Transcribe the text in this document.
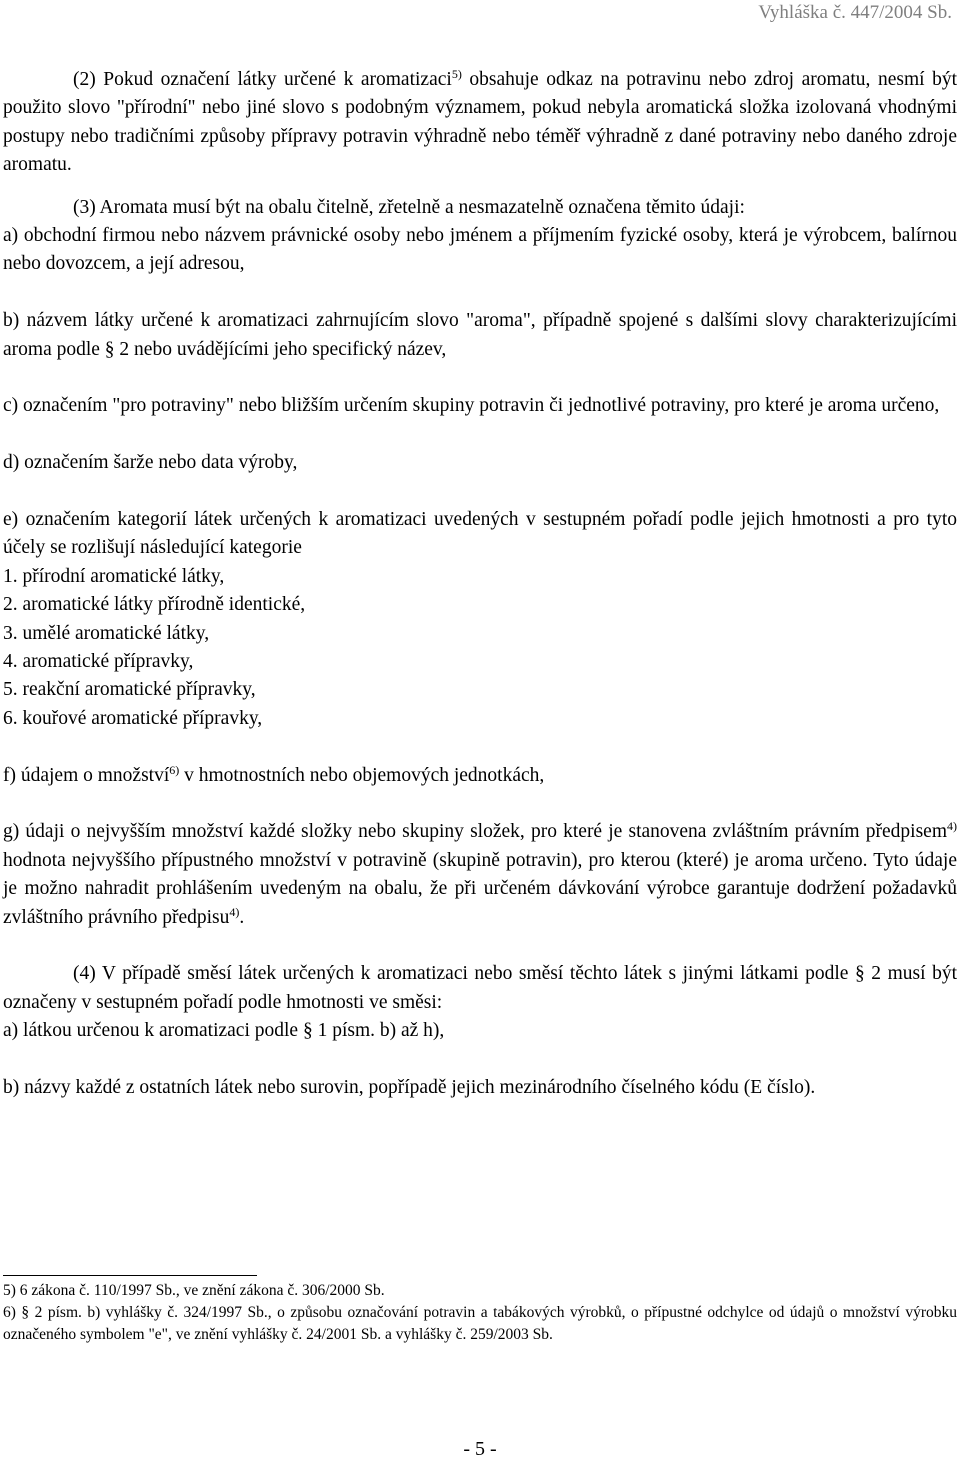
Vyhláška č. 447/2004 Sb.

(2) Pokud označení látky určené k aromatizaci$^{5)}$ obsahuje odkaz na potravinu nebo zdroj aromatu, nesmí být použito slovo "přírodní" nebo jiné slovo s podobným významem, pokud nebyla aromatická složka izolovaná vhodnými postupy nebo tradičními způsoby přípravy potravin výhradně nebo téměř výhradně z dané potraviny nebo daného zdroje aromatu.

(3) Aromata musí být na obalu čitelně, zřetelně a nesmazatelně označena těmito údaji:

a) obchodní firmou nebo názvem právnické osoby nebo jménem a příjmením fyzické osoby, která je výrobcem, balírnou nebo dovozcem, a její adresou,

b) názvem látky určené k aromatizaci zahrnujícím slovo "aroma", případně spojené s dalšími slovy charakterizujícími aroma podle § 2 nebo uvádějícími jeho specifický název,

c) označením "pro potraviny" nebo bližším určením skupiny potravin či jednotlivé potraviny, pro které je aroma určeno,

d) označením šarže nebo data výroby,

e) označením kategorií látek určených k aromatizaci uvedených v sestupném pořadí podle jejich hmotnosti a pro tyto účely se rozlišují následující kategorie

1. přírodní aromatické látky,

2. aromatické látky přírodně identické,

3. umělé aromatické látky,

4. aromatické přípravky,

5. reakční aromatické přípravky,

6. kouřové aromatické přípravky,

f) údajem o množství$^{6)}$ v hmotnostních nebo objemových jednotkách,

g) údaji o nejvyšším množství každé složky nebo skupiny složek, pro které je stanovena zvláštním právním předpisem$^{4)}$ hodnota nejvyššího přípustného množství v potravině (skupině potravin), pro kterou (které) je aroma určeno. Tyto údaje je možno nahradit prohlášením uvedeným na obalu, že při určeném dávkování výrobce garantuje dodržení požadavků zvláštního právního předpisu$^{4)}$.

(4) V případě směsí látek určených k aromatizaci nebo směsí těchto látek s jinými látkami podle § 2 musí být označeny v sestupném pořadí podle hmotnosti ve směsi:

a) látkou určenou k aromatizaci podle § 1 písm. b) až h),

b) názvy každé z ostatních látek nebo surovin, popřípadě jejich mezinárodního číselného kódu (E číslo).

5) 6 zákona č. 110/1997 Sb., ve znění zákona č. 306/2000 Sb.

6) § 2 písm. b) vyhlášky č. 324/1997 Sb., o způsobu označování potravin a tabákových výrobků, o přípustné odchylce od údajů o množství výrobku označeného symbolem "e", ve znění vyhlášky č. 24/2001 Sb. a vyhlášky č. 259/2003 Sb.

- 5 -
